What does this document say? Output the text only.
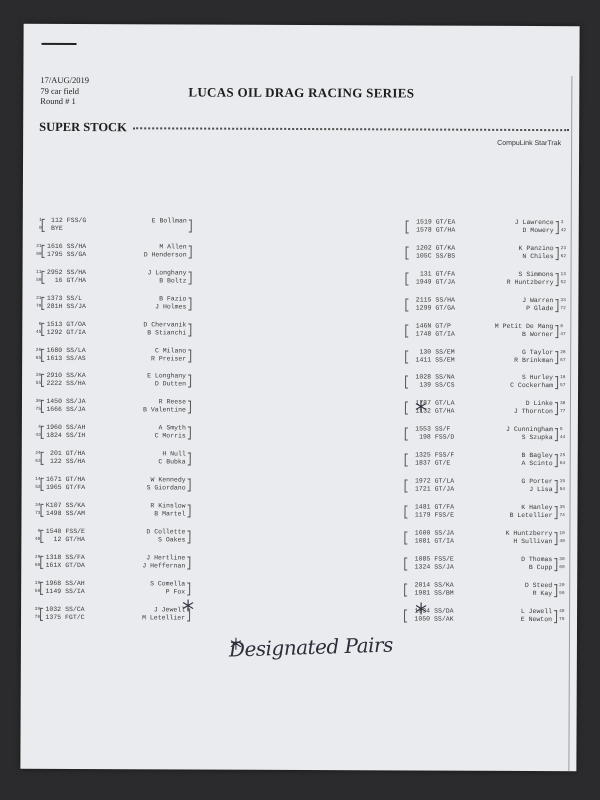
17/AUG/2019
79 car field
Round # 1
LUCAS OIL DRAG RACING SERIES
SUPER STOCK
CompuLink StarTrak
1
0
112
BYE
FSS/G	E Bollman
21
60
1616
1795
SS/HA
SS/GA
M Allen
D Henderson
11
50
2952
16
SS/HA
GT/HA
J Longhany
B Boltz
31
70
1373
281H
SS/L
SS/JA
B Fazio
J Holmes
6
45
1513
1292
GT/OA
GT/IA
D Chervanik
B Stianchi
26
65
1680
1613
SS/LA
SS/AS
C Milano
R Preiser
16
55
2910
2222
SS/KA
SS/HA
E Longhany
D Dutten
36
75
1450
1666
SS/JA
SS/JA
R Reese
B Valentine
4
43
1960
1824
SS/AH
SS/IH
A Smyth
C Morris
24
63
201
122
GT/HA
SS/HA
H Null
C Bubka
14
53
1671
1965
GT/HA
GT/FA
W Kennedy
S Giordano
34
73
K107
1498
SS/KA
SS/AM
R Kinslow
B Martel
9
48
1540
12
FSS/E
GT/HA
D Collette
S Oakes
29
68
1318
161X
SS/FA
GT/DA
J Hertline
J Heffernan
19
58
1968
1149
SS/AH
SS/IA
S Comella
P Fox
39
78
1032
1375
SS/CA
FGT/C
J Jewell
M Letellier
3
42
1519
1578
GT/EA
GT/HA
J Lawrence
D Mowery
23
62
1202
105C
GT/KA
SS/BS
K Panzino
N Chiles
13
52
131
1949
GT/FA
GT/JA
S Simmons
R Huntzberry
33
72
2115
1299
SS/HA
GT/GA
J Warren
P Glade
8
47
146N
1748
GT/P
GT/IA
M Petit De Mang
B Worner
28
67
130
1411
SS/EM
SS/EM
G Taylor
R Brinkman
18
57
1028
139
SS/NA
SS/CS
S Hurley
C Cockerham
38
77
1787
1132
GT/LA
GT/HA
D Linke
J Thornton
5
44
1553
198
SS/F
FSS/D
J Cunningham
S Szupka
25
64
1325
1837
FSS/F
GT/E
B Bagley
A Scinto
15
54
1972
1721
GT/LA
GT/JA
G Porter
J Lisa
35
74
1481
1179
GT/FA
FSS/E
K Hanley
B Letellier
10
49
1600
1081
SS/JA
GT/IA
K Huntzberry
H Sullivan
30
69
1085
1324
FSS/E
SS/JA
D Thomas
B Cupp
20
59
2014
1981
SS/KA
SS/BM
D Steed
R Kay
40
79
1034
1050
SS/DA
SS/AK
L Jewell
E Newton
Designated Pairs
